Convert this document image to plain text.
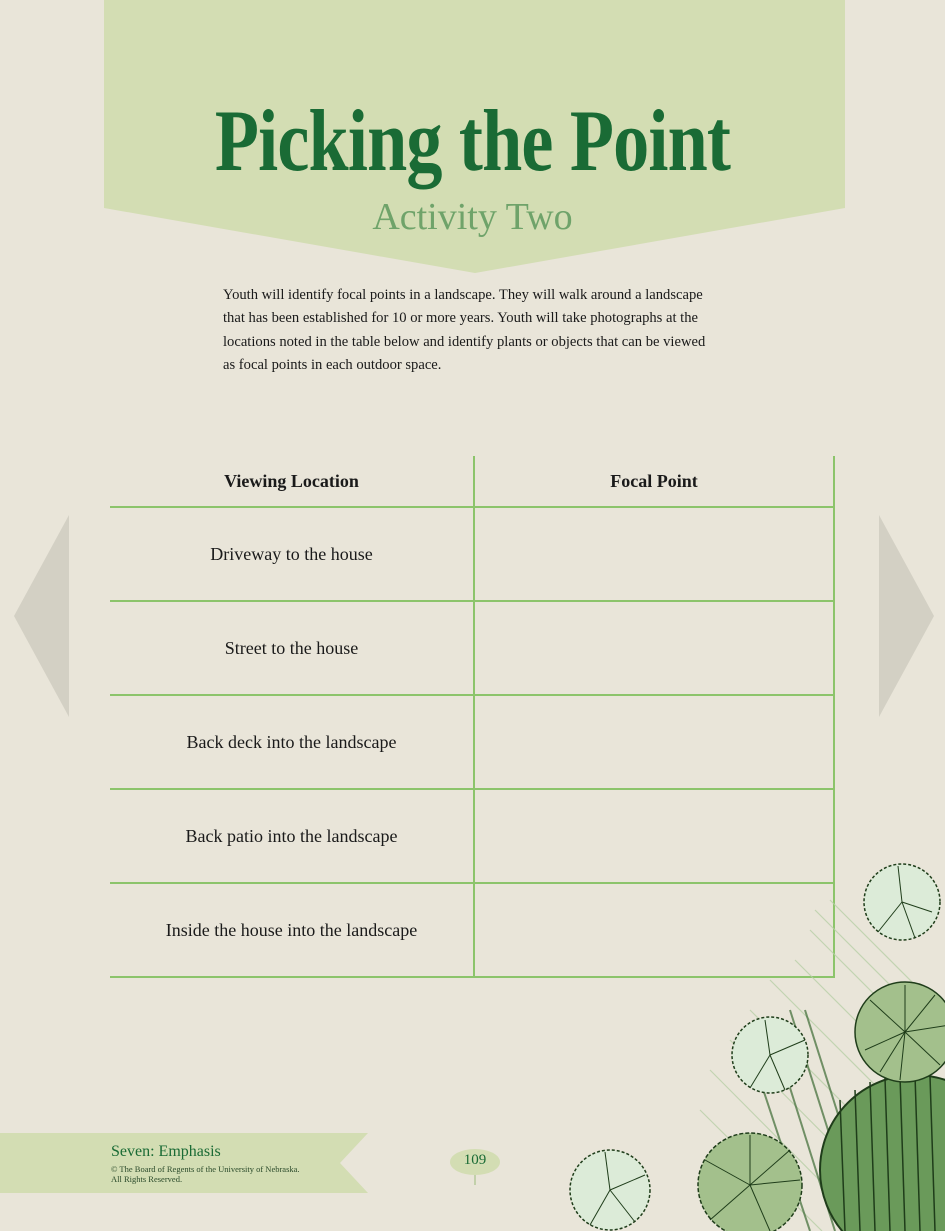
Picking the Point
Activity Two

Youth will identify focal points in a landscape. They will walk around a landscape that has been established for 10 or more years. Youth will take photographs at the locations noted in the table below and identify plants or objects that can be viewed as focal points in each outdoor space.

Viewing Location	Focal Point
Driveway to the house	
Street to the house	
Back deck into the landscape	
Back patio into the landscape	
Inside the house into the landscape	
Seven: Emphasis
© The Board of Regents of the University of Nebraska. All Rights Reserved.
109
